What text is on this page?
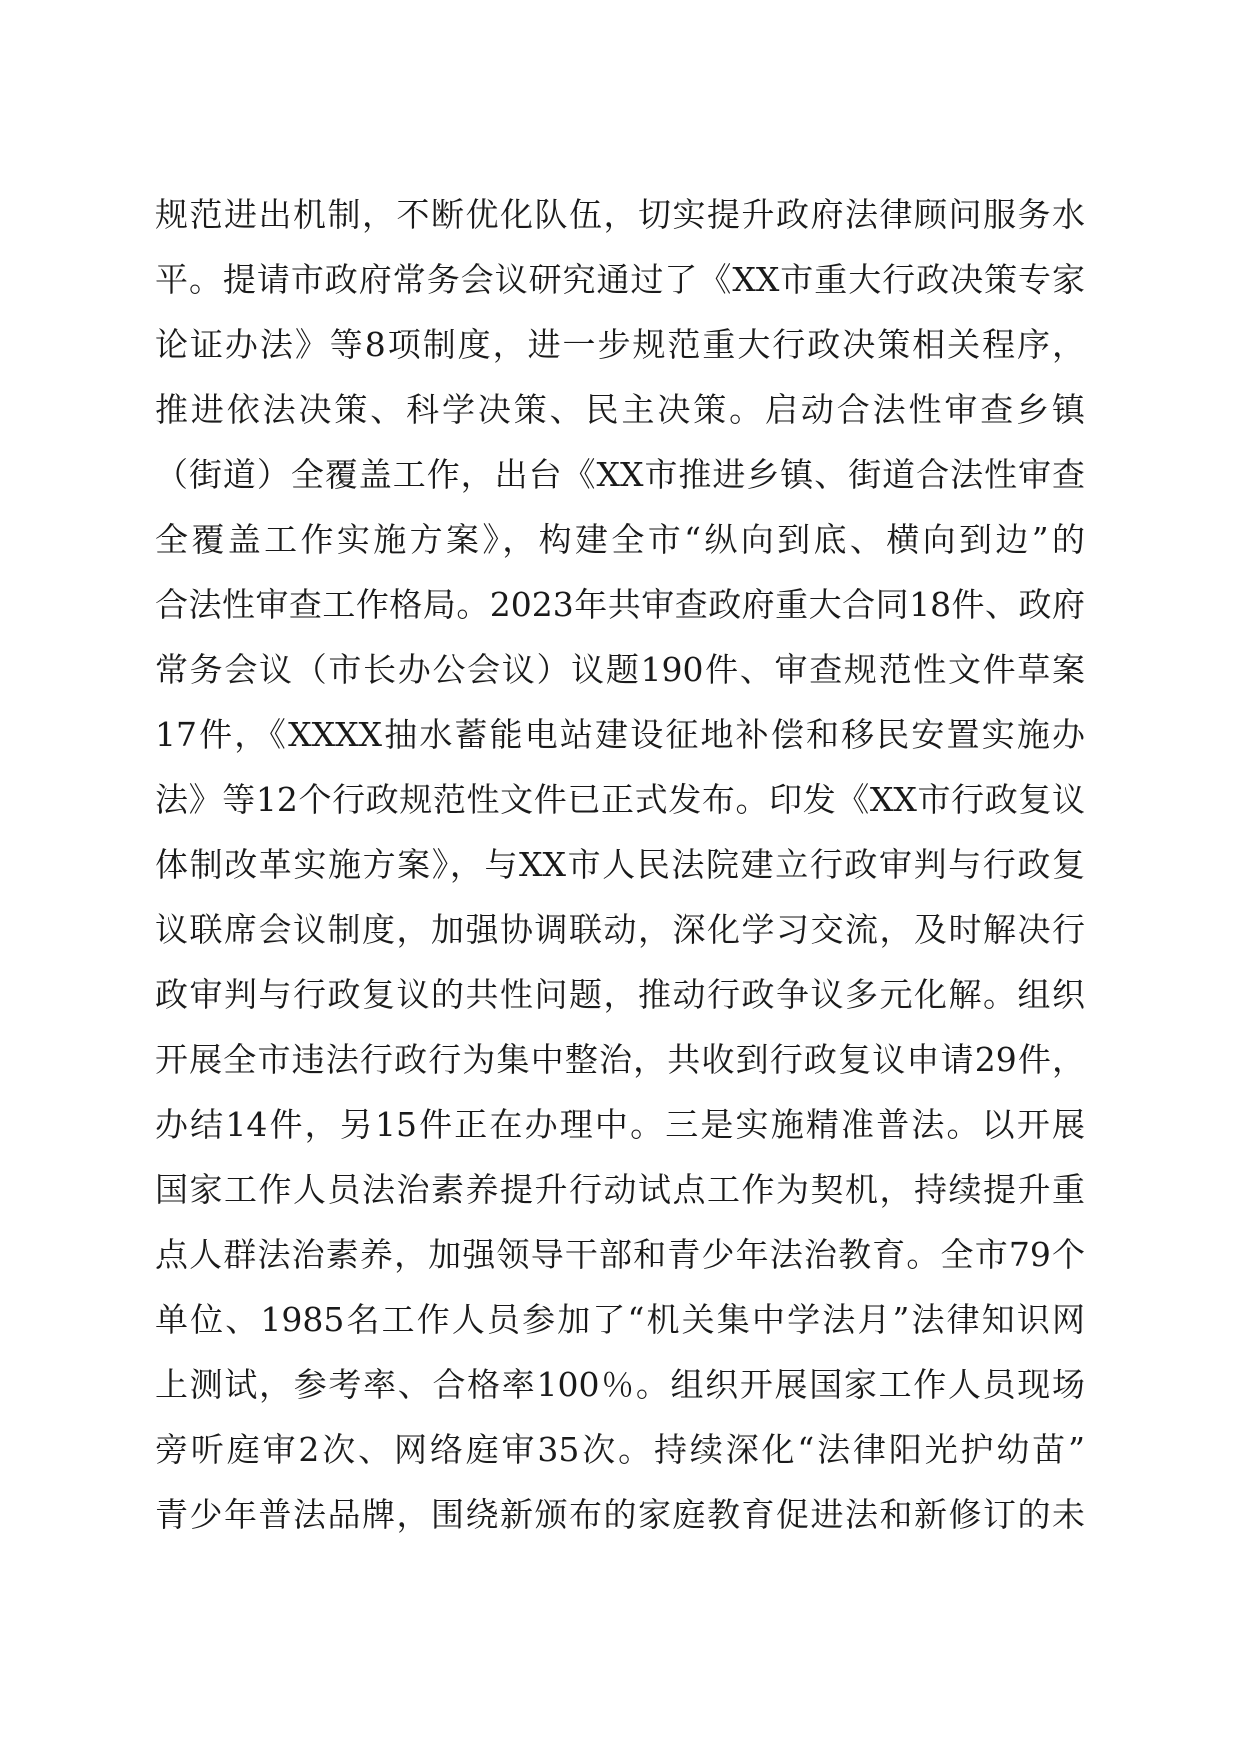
规范进出机制，不断优化队伍，切实提升政府法律顾问服务水
平。提请市政府常务会议研究通过了《XX市重大行政决策专家
论证办法》等8项制度，进一步规范重大行政决策相关程序，
推进依法决策、科学决策、民主决策。启动合法性审查乡镇
（街道）全覆盖工作，出台《XX市推进乡镇、街道合法性审查
全覆盖工作实施方案》，构建全市“纵向到底、横向到边”的
合法性审查工作格局。2023年共审查政府重大合同18件、政府
常务会议（市长办公会议）议题190件、审查规范性文件草案
17件，《XXXX抽水蓄能电站建设征地补偿和移民安置实施办
法》等12个行政规范性文件已正式发布。印发《XX市行政复议
体制改革实施方案》，与XX市人民法院建立行政审判与行政复
议联席会议制度，加强协调联动，深化学习交流，及时解决行
政审判与行政复议的共性问题，推动行政争议多元化解。组织
开展全市违法行政行为集中整治，共收到行政复议申请29件，
办结14件，另15件正在办理中。三是实施精准普法。以开展
国家工作人员法治素养提升行动试点工作为契机，持续提升重
点人群法治素养，加强领导干部和青少年法治教育。全市79个
单位、1985名工作人员参加了“机关集中学法月”法律知识网
上测试，参考率、合格率100％。组织开展国家工作人员现场
旁听庭审2次、网络庭审35次。持续深化“法律阳光护幼苗”
青少年普法品牌，围绕新颁布的家庭教育促进法和新修订的未
